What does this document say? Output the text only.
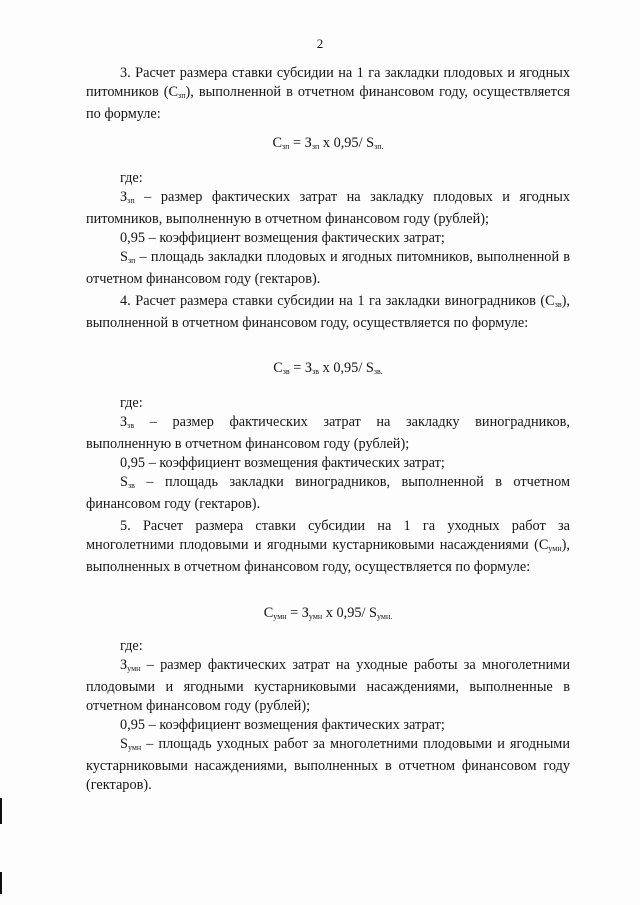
2

3. Расчет размера ставки субсидии на 1 га закладки плодовых и ягодных питомников $(С_{зп})$, выполненной в отчетном финансовом году, осуществляется по формуле:

$С_{зп} = З_{зп}$ х 0,95/ $S_{зп.}$

где:

$З_{зп}$ – размер фактических затрат на закладку плодовых и ягодных питомников, выполненную в отчетном финансовом году (рублей);

0,95 – коэффициент возмещения фактических затрат;

$S_{зп}$ – площадь закладки плодовых и ягодных питомников, выполненной в отчетном финансовом году (гектаров).

4. Расчет размера ставки субсидии на 1 га закладки виноградников $(С_{зв})$, выполненной в отчетном финансовом году, осуществляется по формуле:

$С_{зв} = З_{зв}$ х 0,95/ $S_{зв.}$

где:

$З_{зв}$ – размер фактических затрат на закладку виноградников, выполненную в отчетном финансовом году (рублей);

0,95 – коэффициент возмещения фактических затрат;

$S_{зв}$ – площадь закладки виноградников, выполненной в отчетном финансовом году (гектаров).

5. Расчет размера ставки субсидии на 1 га уходных работ за многолетними плодовыми и ягодными кустарниковыми насаждениями $(С_{умн})$, выполненных в отчетном финансовом году, осуществляется по формуле:

$С_{умн} = З_{умн}$ х 0,95/ $S_{умн.}$

где:

$З_{умн}$ – размер фактических затрат на уходные работы за многолетними плодовыми и ягодными кустарниковыми насаждениями, выполненные в отчетном финансовом году (рублей);

0,95 – коэффициент возмещения фактических затрат;

$S_{умн}$ – площадь уходных работ за многолетними плодовыми и ягодными кустарниковыми насаждениями, выполненных в отчетном финансовом году (гектаров).
